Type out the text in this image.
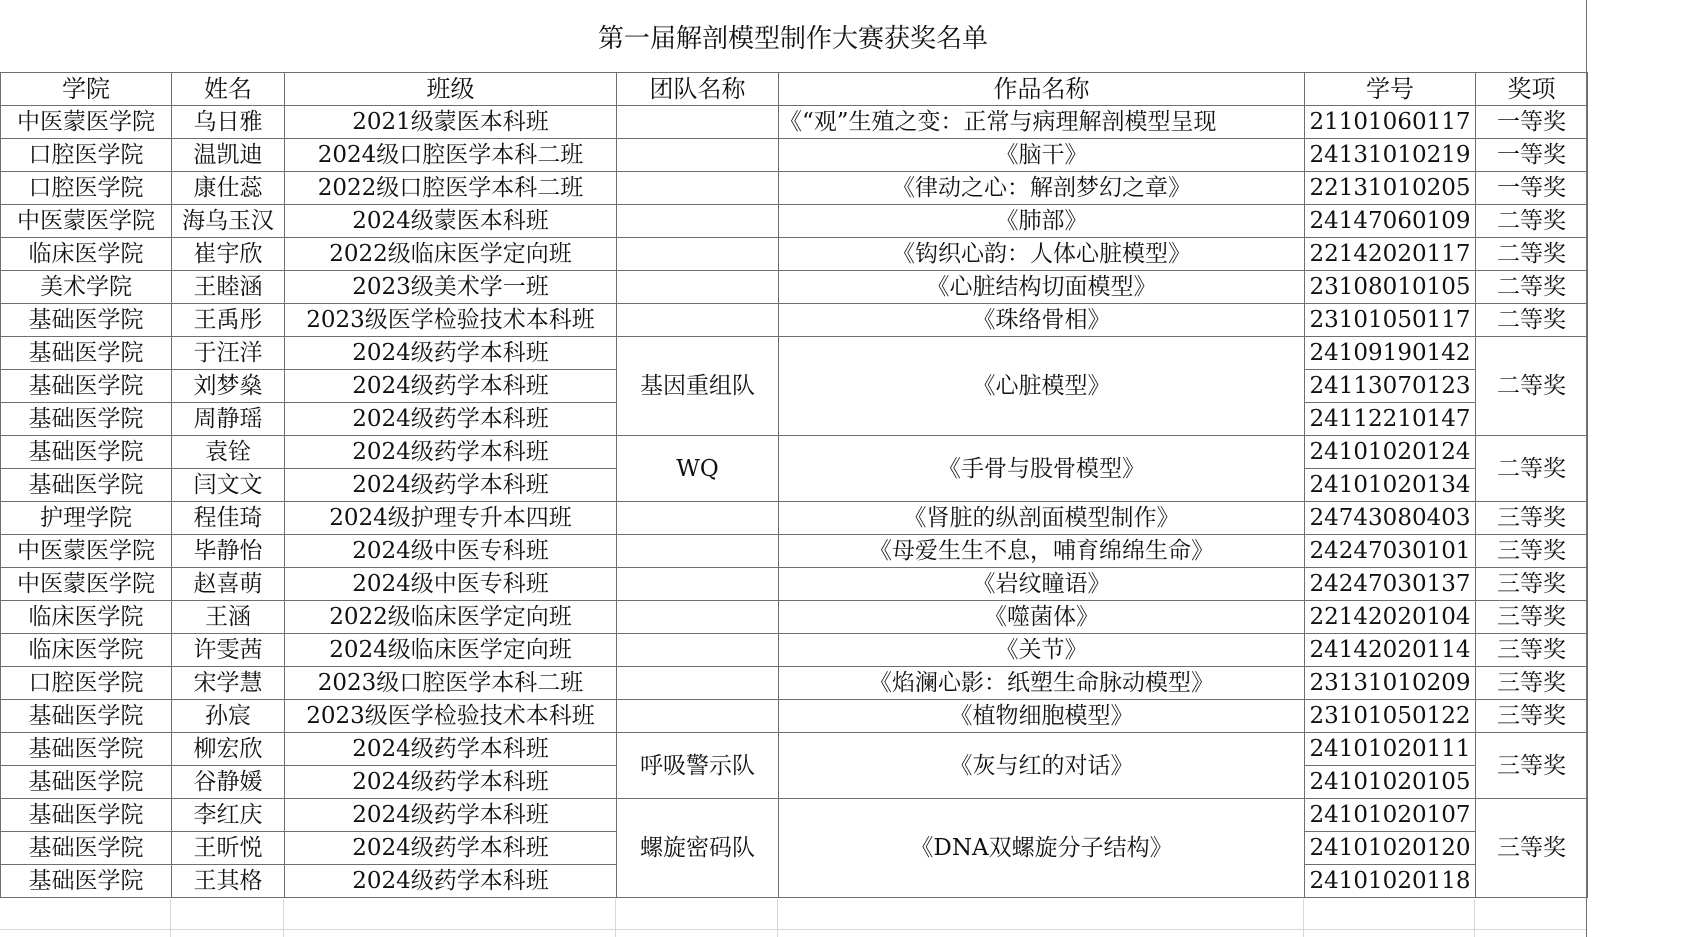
第一届解剖模型制作大赛获奖名单
学院	姓名	班级	团队名称	作品名称	学号	奖项
中医蒙医学院	乌日雅	2021级蒙医本科班		《“观”生殖之变：正常与病理解剖模型呈现	21101060117	一等奖
口腔医学院	温凯迪	2024级口腔医学本科二班		《脑干》	24131010219	一等奖
口腔医学院	康仕蕊	2022级口腔医学本科二班		《律动之心：解剖梦幻之章》	22131010205	一等奖
中医蒙医学院	海乌玉汉	2024级蒙医本科班		《肺部》	24147060109	二等奖
临床医学院	崔宇欣	2022级临床医学定向班		《钩织心韵：人体心脏模型》	22142020117	二等奖
美术学院	王睦涵	2023级美术学一班		《心脏结构切面模型》	23108010105	二等奖
基础医学院	王禹彤	2023级医学检验技术本科班		《珠络骨相》	23101050117	二等奖
基础医学院	于汪洋	2024级药学本科班	基因重组队	《心脏模型》	24109190142	二等奖
基础医学院	刘梦燊	2024级药学本科班			24113070123	
基础医学院	周静瑶	2024级药学本科班			24112210147	
基础医学院	袁铨	2024级药学本科班	WQ	《手骨与股骨模型》	24101020124	二等奖
基础医学院	闫文文	2024级药学本科班			24101020134	
护理学院	程佳琦	2024级护理专升本四班		《肾脏的纵剖面模型制作》	24743080403	三等奖
中医蒙医学院	毕静怡	2024级中医专科班		《母爱生生不息，哺育绵绵生命》	24247030101	三等奖
中医蒙医学院	赵喜萌	2024级中医专科班		《岩纹瞳语》	24247030137	三等奖
临床医学院	王涵	2022级临床医学定向班		《噬菌体》	22142020104	三等奖
临床医学院	许雯茜	2024级临床医学定向班		《关节》	24142020114	三等奖
口腔医学院	宋学慧	2023级口腔医学本科二班		《焰澜心影：纸塑生命脉动模型》	23131010209	三等奖
基础医学院	孙宸	2023级医学检验技术本科班		《植物细胞模型》	23101050122	三等奖
基础医学院	柳宏欣	2024级药学本科班	呼吸警示队	《灰与红的对话》	24101020111	三等奖
基础医学院	谷静媛	2024级药学本科班			24101020105	
基础医学院	李红庆	2024级药学本科班	螺旋密码队	《DNA双螺旋分子结构》	24101020107	三等奖
基础医学院	王昕悦	2024级药学本科班			24101020120	
基础医学院	王其格	2024级药学本科班			24101020118	
